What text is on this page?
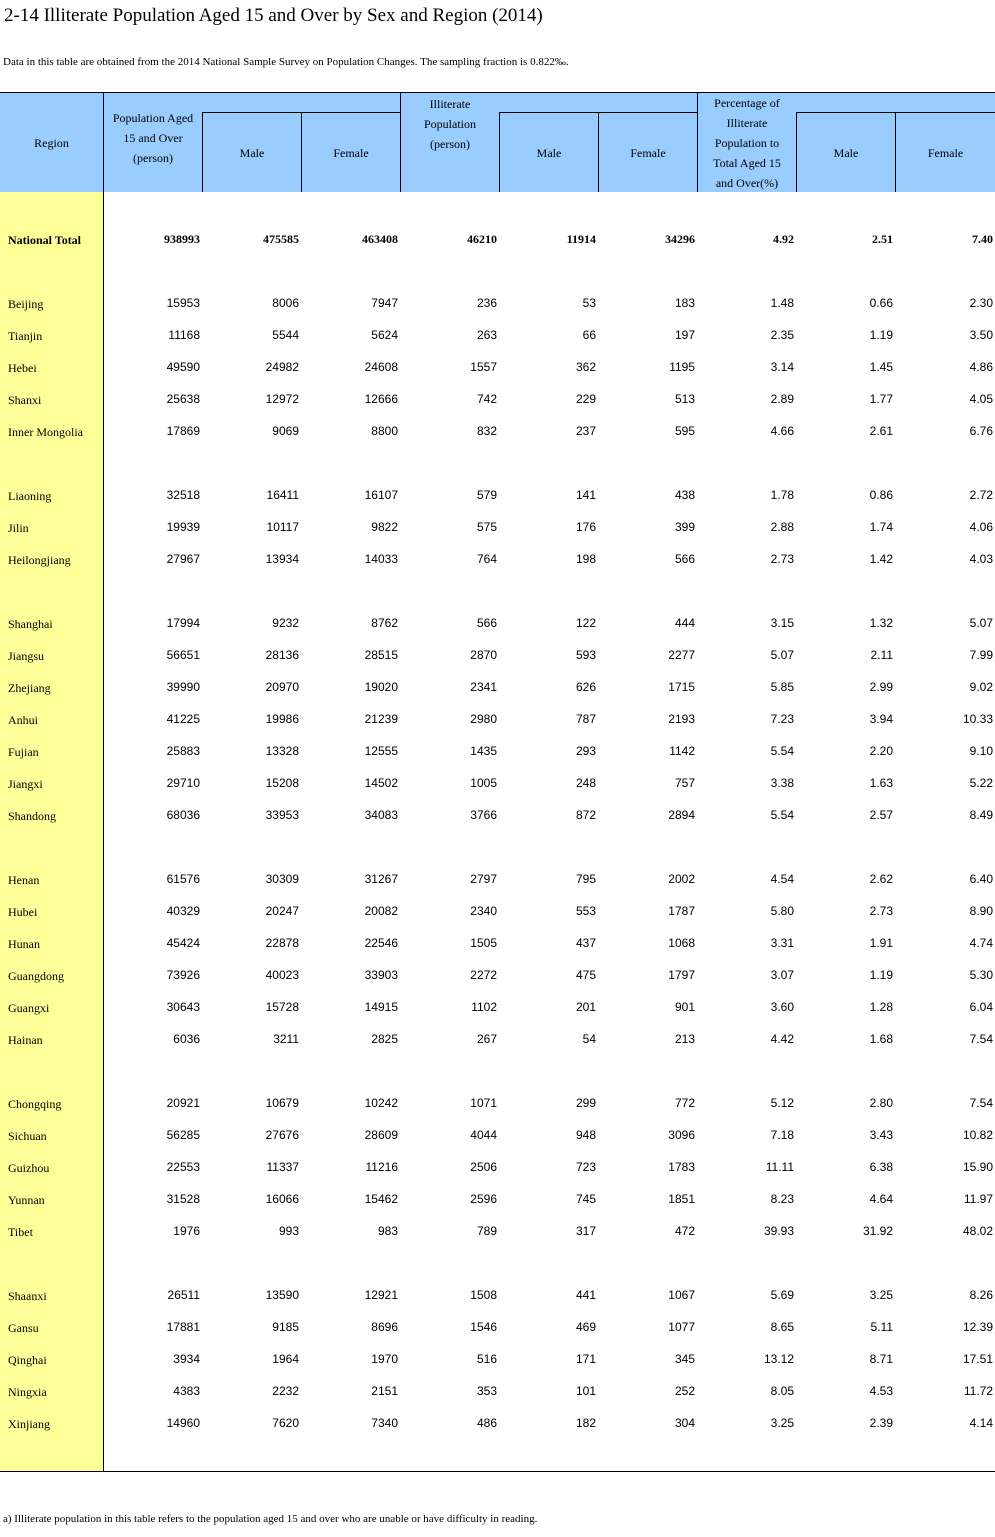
2-14 Illiterate Population Aged 15 and Over by Sex and Region (2014)
Data in this table are obtained from the 2014 National Sample Survey on Population Changes. The sampling fraction is 0.822‰.
Region
Population Aged 15 and Over (person)	Male	Female
Illiterate Population (person)
Male	Female
Percentage of Illiterate Population to Total Aged 15 and Over(%)
Male	Female
National Total	938993	475585	463408	46210	11914	34296	4.92	2.51	7.40
Beijing	15953	8006	7947	236	53	183	1.48	0.66	2.30
Tianjin	11168	5544	5624	263	66	197	2.35	1.19	3.50
Hebei	49590	24982	24608	1557	362	1195	3.14	1.45	4.86
Shanxi	25638	12972	12666	742	229	513	2.89	1.77	4.05
Inner Mongolia	17869	9069	8800	832	237	595	4.66	2.61	6.76
Liaoning	32518	16411	16107	579	141	438	1.78	0.86	2.72
Jilin	19939	10117	9822	575	176	399	2.88	1.74	4.06
Heilongjiang	27967	13934	14033	764	198	566	2.73	1.42	4.03
Shanghai	17994	9232	8762	566	122	444	3.15	1.32	5.07
Jiangsu	56651	28136	28515	2870	593	2277	5.07	2.11	7.99
Zhejiang	39990	20970	19020	2341	626	1715	5.85	2.99	9.02
Anhui	41225	19986	21239	2980	787	2193	7.23	3.94	10.33
Fujian	25883	13328	12555	1435	293	1142	5.54	2.20	9.10
Jiangxi	29710	15208	14502	1005	248	757	3.38	1.63	5.22
Shandong	68036	33953	34083	3766	872	2894	5.54	2.57	8.49
Henan	61576	30309	31267	2797	795	2002	4.54	2.62	6.40
Hubei	40329	20247	20082	2340	553	1787	5.80	2.73	8.90
Hunan	45424	22878	22546	1505	437	1068	3.31	1.91	4.74
Guangdong	73926	40023	33903	2272	475	1797	3.07	1.19	5.30
Guangxi	30643	15728	14915	1102	201	901	3.60	1.28	6.04
Hainan	6036	3211	2825	267	54	213	4.42	1.68	7.54
Chongqing	20921	10679	10242	1071	299	772	5.12	2.80	7.54
Sichuan	56285	27676	28609	4044	948	3096	7.18	3.43	10.82
Guizhou	22553	11337	11216	2506	723	1783	11.11	6.38	15.90
Yunnan	31528	16066	15462	2596	745	1851	8.23	4.64	11.97
Tibet	1976	993	983	789	317	472	39.93	31.92	48.02
Shaanxi	26511	13590	12921	1508	441	1067	5.69	3.25	8.26
Gansu	17881	9185	8696	1546	469	1077	8.65	5.11	12.39
Qinghai	3934	1964	1970	516	171	345	13.12	8.71	17.51
Ningxia	4383	2232	2151	353	101	252	8.05	4.53	11.72
Xinjiang	14960	7620	7340	486	182	304	3.25	2.39	4.14
a) Illiterate population in this table refers to the population aged 15 and over who are unable or have difficulty in reading.
